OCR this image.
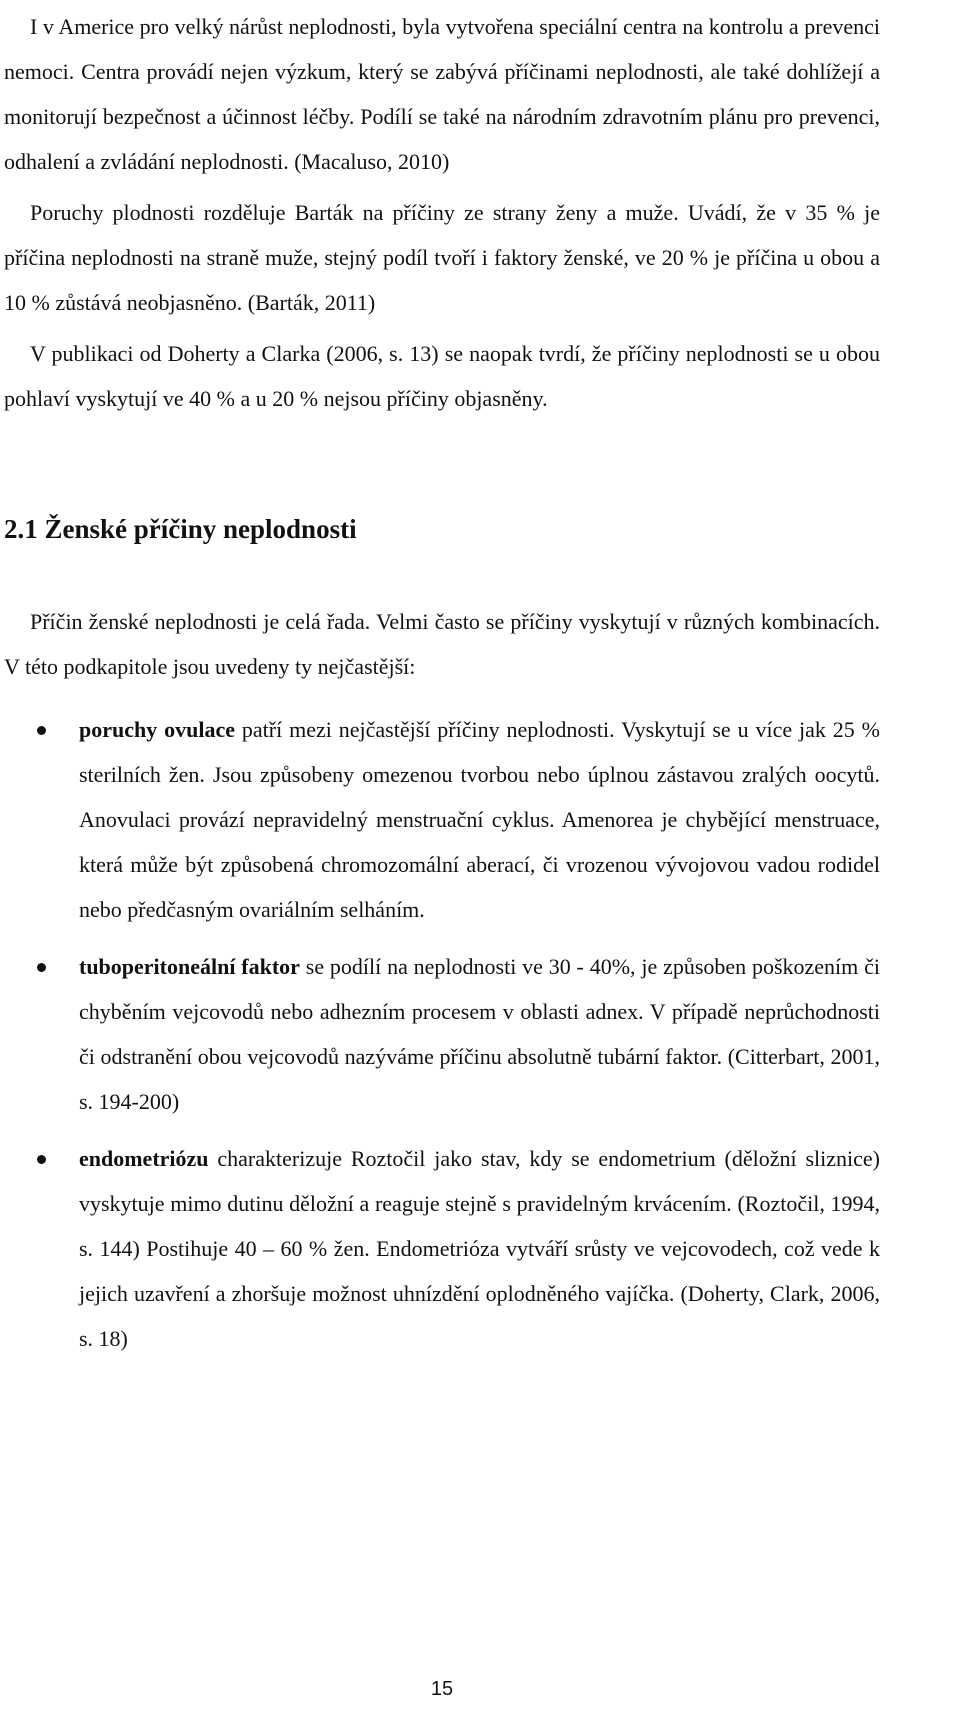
I v Americe pro velký nárůst neplodnosti, byla vytvořena speciální centra na kontrolu a prevenci nemoci. Centra provádí nejen výzkum, který se zabývá příčinami neplodnosti, ale také dohlížejí a monitorují bezpečnost a účinnost léčby. Podílí se také na národním zdravotním plánu pro prevenci, odhalení a zvládání neplodnosti. (Macaluso, 2010)

Poruchy plodnosti rozděluje Barták na příčiny ze strany ženy a muže. Uvádí, že v 35 % je příčina neplodnosti na straně muže, stejný podíl tvoří i faktory ženské, ve 20 % je příčina u obou a 10 % zůstává neobjasněno. (Barták, 2011)

V publikaci od Doherty a Clarka (2006, s. 13) se naopak tvrdí, že příčiny neplodnosti se u obou pohlaví vyskytují ve 40 % a u 20 % nejsou příčiny objasněny.

2.1 Ženské příčiny neplodnosti

Příčin ženské neplodnosti je celá řada. Velmi často se příčiny vyskytují v různých kombinacích. V této podkapitole jsou uvedeny ty nejčastější:

poruchy ovulace patří mezi nejčastější příčiny neplodnosti. Vyskytují se u více jak 25 % sterilních žen. Jsou způsobeny omezenou tvorbou nebo úplnou zástavou zralých oocytů. Anovulaci provází nepravidelný menstruační cyklus. Amenorea je chybějící menstruace, která může být způsobená chromozomální aberací, či vrozenou vývojovou vadou rodidel nebo předčasným ovariálním selháním.
tuboperitoneální faktor se podílí na neplodnosti ve 30 - 40%, je způsoben poškozením či chyběním vejcovodů nebo adhezním procesem v oblasti adnex. V případě neprůchodnosti či odstranění obou vejcovodů nazýváme příčinu absolutně tubární faktor. (Citterbart, 2001, s. 194-200)
endometriózu charakterizuje Roztočil jako stav, kdy se endometrium (děložní sliznice) vyskytuje mimo dutinu děložní a reaguje stejně s pravidelným krvácením. (Roztočil, 1994, s. 144) Postihuje 40 – 60 % žen. Endometrióza vytváří srůsty ve vejcovodech, což vede k jejich uzavření a zhoršuje možnost uhnízdění oplodněného vajíčka. (Doherty, Clark, 2006, s. 18)
15
